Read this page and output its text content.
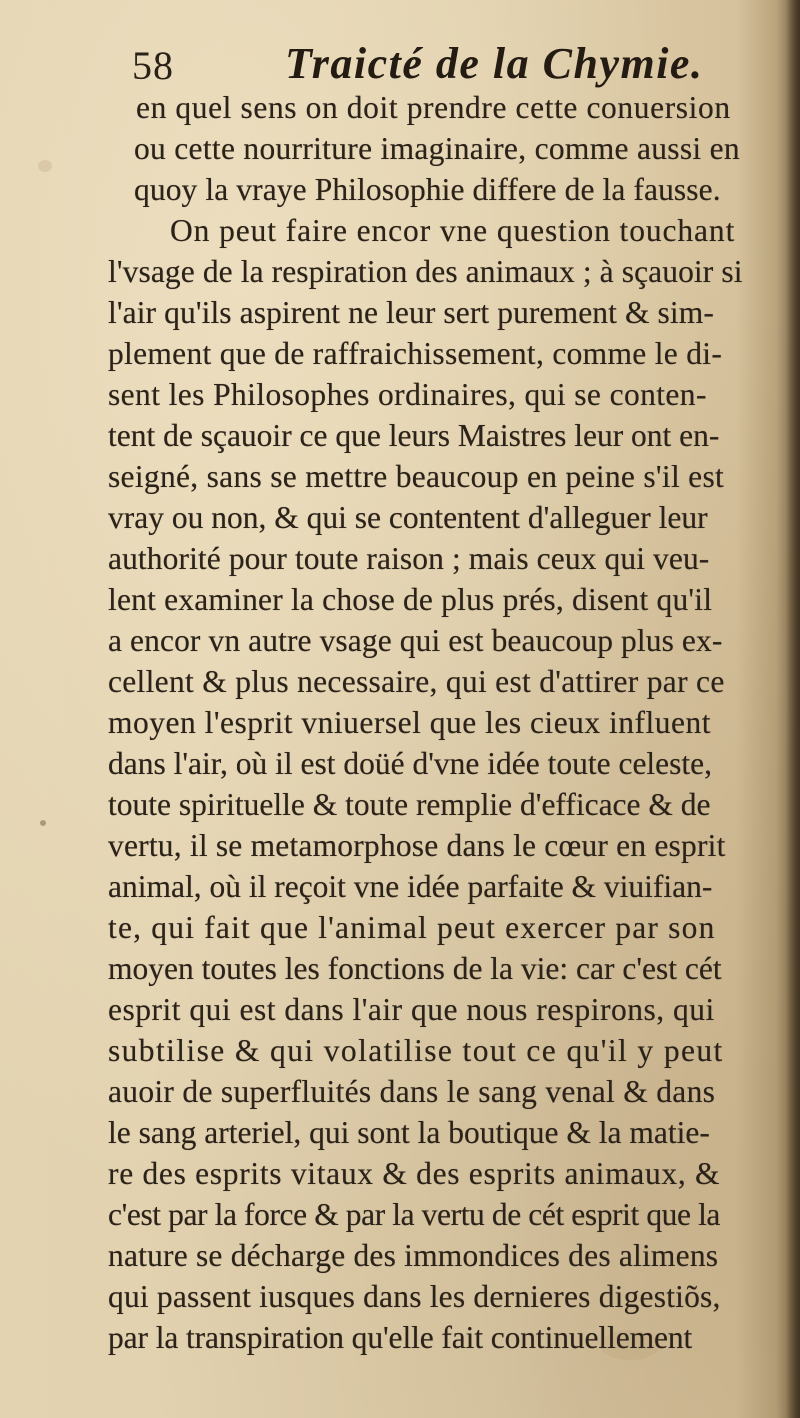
58	Traicté de la Chymie.
en quel sens on doit prendre cette conuersion
ou cette nourriture imaginaire, comme aussi en
quoy la vraye Philosophie differe de la fausse.
On peut faire encor vne question touchant
l'vsage de la respiration des animaux ; à sçauoir si
l'air qu'ils aspirent ne leur sert purement & sim-
plement que de raffraichissement, comme le di-
sent les Philosophes ordinaires, qui se conten-
tent de sçauoir ce que leurs Maistres leur ont en-
seigné, sans se mettre beaucoup en peine s'il est
vray ou non, & qui se contentent d'alleguer leur
authorité pour toute raison ; mais ceux qui veu-
lent examiner la chose de plus prés, disent qu'il
a encor vn autre vsage qui est beaucoup plus ex-
cellent & plus necessaire, qui est d'attirer par ce
moyen l'esprit vniuersel que les cieux influent
dans l'air, où il est doüé d'vne idée toute celeste,
toute spirituelle & toute remplie d'efficace & de
vertu, il se metamorphose dans le cœur en esprit
animal, où il reçoit vne idée parfaite & viuifian-
te, qui fait que l'animal peut exercer par son
moyen toutes les fonctions de la vie: car c'est cét
esprit qui est dans l'air que nous respirons, qui
subtilise & qui volatilise tout ce qu'il y peut
auoir de superfluités dans le sang venal & dans
le sang arteriel, qui sont la boutique & la matie-
re des esprits vitaux & des esprits animaux, &
c'est par la force & par la vertu de cét esprit que la
nature se décharge des immondices des alimens
qui passent iusques dans les dernieres digestiõs,
par la transpiration qu'elle fait continuellement
